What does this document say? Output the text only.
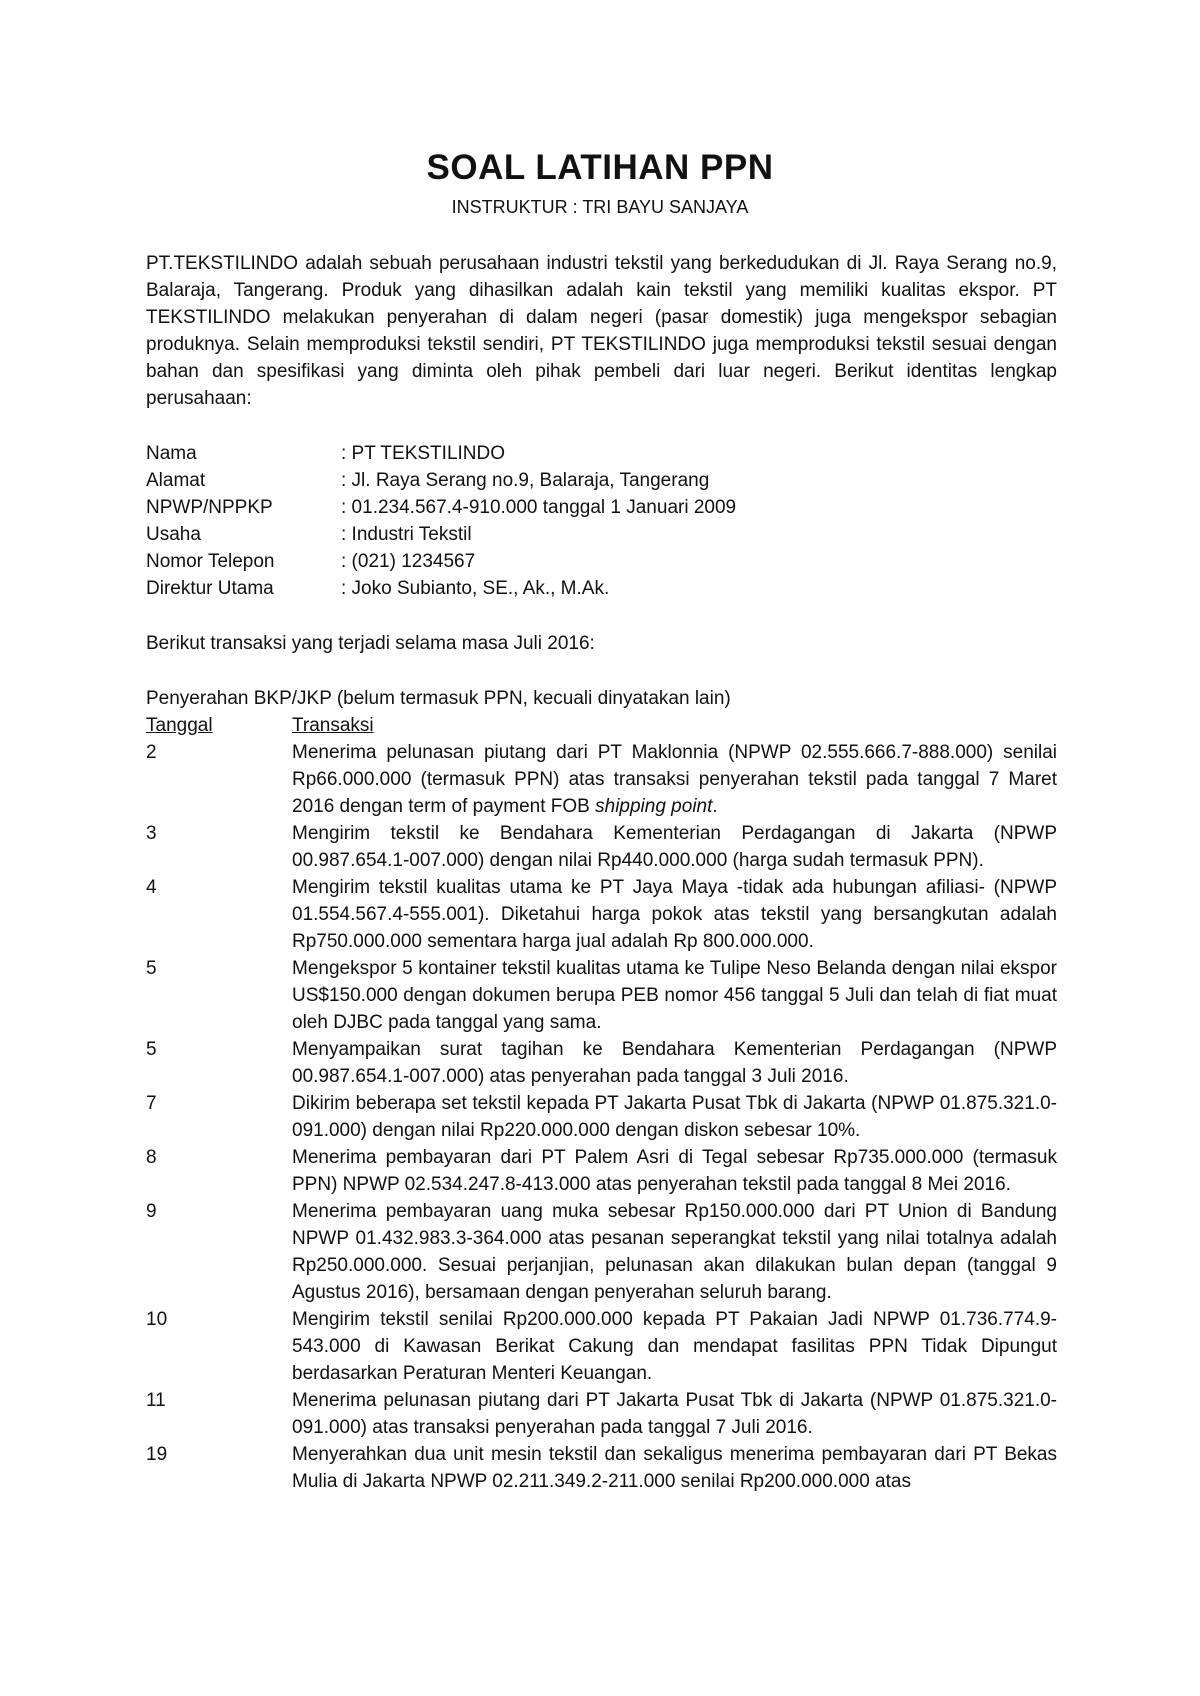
SOAL LATIHAN PPN
INSTRUKTUR : TRI BAYU SANJAYA
PT.TEKSTILINDO adalah sebuah perusahaan industri tekstil yang berkedudukan di Jl. Raya Serang no.9, Balaraja, Tangerang. Produk yang dihasilkan adalah kain tekstil yang memiliki kualitas ekspor. PT TEKSTILINDO melakukan penyerahan di dalam negeri (pasar domestik) juga mengekspor sebagian produknya. Selain memproduksi tekstil sendiri, PT TEKSTILINDO juga memproduksi tekstil sesuai dengan bahan dan spesifikasi yang diminta oleh pihak pembeli dari luar negeri. Berikut identitas lengkap perusahaan:
Nama	: PT TEKSTILINDO
Alamat	: Jl. Raya Serang no.9, Balaraja, Tangerang
NPWP/NPPKP	: 01.234.567.4-910.000 tanggal 1 Januari 2009
Usaha	: Industri Tekstil
Nomor Telepon	: (021) 1234567
Direktur Utama	: Joko Subianto, SE., Ak., M.Ak.
Berikut transaksi yang terjadi selama masa Juli 2016:
Penyerahan BKP/JKP (belum termasuk PPN, kecuali dinyatakan lain)
Tanggal	Transaksi
2	Menerima pelunasan piutang dari PT Maklonnia (NPWP 02.555.666.7-888.000) senilai Rp66.000.000 (termasuk PPN) atas transaksi penyerahan tekstil pada tanggal 7 Maret 2016 dengan term of payment FOB shipping point.
3	Mengirim tekstil ke Bendahara Kementerian Perdagangan di Jakarta (NPWP 00.987.654.1-007.000) dengan nilai Rp440.000.000 (harga sudah termasuk PPN).
4	Mengirim tekstil kualitas utama ke PT Jaya Maya -tidak ada hubungan afiliasi- (NPWP 01.554.567.4-555.001). Diketahui harga pokok atas tekstil yang bersangkutan adalah Rp750.000.000 sementara harga jual adalah Rp 800.000.000.
5	Mengekspor 5 kontainer tekstil kualitas utama ke Tulipe Neso Belanda dengan nilai ekspor US$150.000 dengan dokumen berupa PEB nomor 456 tanggal 5 Juli dan telah di fiat muat oleh DJBC pada tanggal yang sama.
5	Menyampaikan surat tagihan ke Bendahara Kementerian Perdagangan (NPWP 00.987.654.1-007.000) atas penyerahan pada tanggal 3 Juli 2016.
7	Dikirim beberapa set tekstil kepada PT Jakarta Pusat Tbk di Jakarta (NPWP 01.875.321.0-091.000) dengan nilai Rp220.000.000 dengan diskon sebesar 10%.
8	Menerima pembayaran dari PT Palem Asri di Tegal sebesar Rp735.000.000 (termasuk PPN) NPWP 02.534.247.8-413.000 atas penyerahan tekstil pada tanggal 8 Mei 2016.
9	Menerima pembayaran uang muka sebesar Rp150.000.000 dari PT Union di Bandung NPWP 01.432.983.3-364.000 atas pesanan seperangkat tekstil yang nilai totalnya adalah Rp250.000.000. Sesuai perjanjian, pelunasan akan dilakukan bulan depan (tanggal 9 Agustus 2016), bersamaan dengan penyerahan seluruh barang.
10	Mengirim tekstil senilai Rp200.000.000 kepada PT Pakaian Jadi NPWP 01.736.774.9-543.000 di Kawasan Berikat Cakung dan mendapat fasilitas PPN Tidak Dipungut berdasarkan Peraturan Menteri Keuangan.
11	Menerima pelunasan piutang dari PT Jakarta Pusat Tbk di Jakarta (NPWP 01.875.321.0-091.000) atas transaksi penyerahan pada tanggal 7 Juli 2016.
19	Menyerahkan dua unit mesin tekstil dan sekaligus menerima pembayaran dari PT Bekas Mulia di Jakarta NPWP 02.211.349.2-211.000 senilai Rp200.000.000 atas
